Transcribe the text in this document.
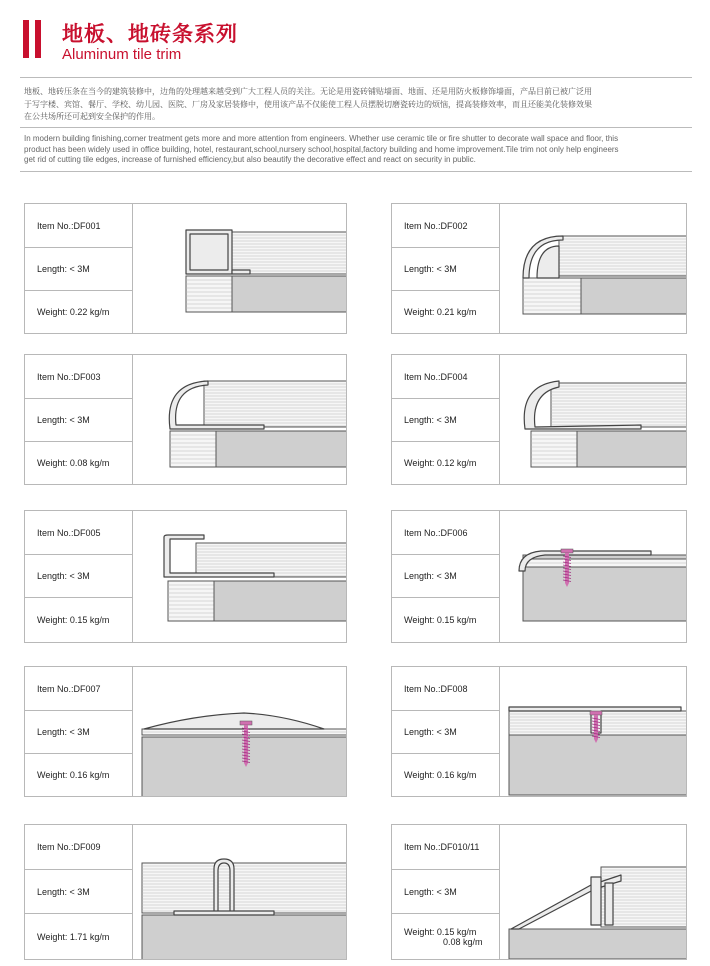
地板、地砖条系列
Aluminum tile trim
地板、地砖压条在当今的建筑装修中，边角的处理越来越受到广大工程人员的关注。无论是用瓷砖铺贴墙面、地面、还是用防火板修饰墙面，产品目前已被广泛用
于写字楼、宾馆、餐厅、学校、幼儿园、医院、厂房及家居装修中，使用该产品不仅能使工程人员摆脱切磨瓷砖边的烦恼，提高装修效率，而且还能美化装修效果
在公共场所还可起到安全保护的作用。
In modern building finishing,corner treatment gets more and more attention from engineers. Whether use ceramic tile or fire shutter to decorate wall space and floor, this
product has been widely used in office building, hotel, restaurant,school,nursery school,hospital,factory building and home improvement.Tile trim not only help engineers
get rid of cutting tile edges, increase of furnished efficiency,but also beautify the decorative effect and react on security in public.
Item No.:DF001
Length: < 3M
Weight: 0.22 kg/m
Item No.:DF002
Length: < 3M
Weight: 0.21 kg/m
Item No.:DF003
Length: < 3M
Weight: 0.08 kg/m
Item No.:DF004
Length: < 3M
Weight: 0.12 kg/m
Item No.:DF005
Length: < 3M
Weight: 0.15 kg/m
Item No.:DF006
Length: < 3M
Weight: 0.15 kg/m
Item No.:DF007
Length: < 3M
Weight: 0.16 kg/m
Item No.:DF008
Length: < 3M
Weight: 0.16 kg/m
Item No.:DF009
Length: < 3M
Weight: 1.71 kg/m
Item No.:DF010/11
Length: < 3M
Weight: 0.15 kg/m
0.08 kg/m
